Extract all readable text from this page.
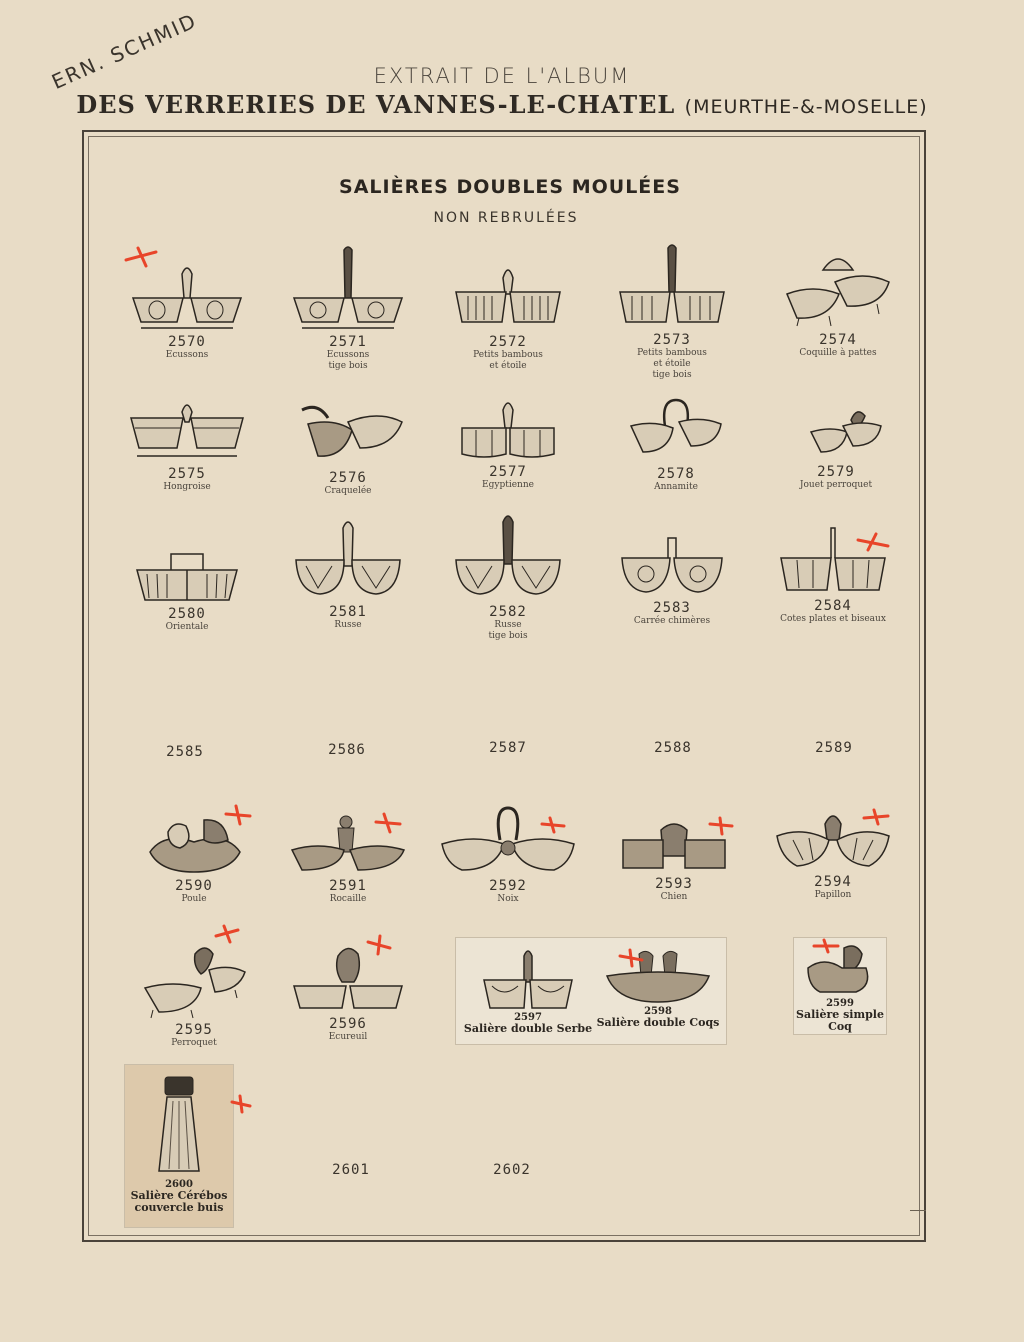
ERN. SCHMID	EXTRAIT DE L'ALBUM
DES VERRERIES DE VANNES-LE-CHATEL (MEURTHE-&-MOSELLE)
SALIÈRES DOUBLES MOULÉES
NON REBRULÉES
2570
Ecussons
2571
Ecussons
tige bois
2572
Petits bambous
et étoile
2573
Petits bambous
et étoile
tige bois
2574
Coquille à pattes
2575
Hongroise
2576
Craquelée
2577
Egyptienne
2578
Annamite
2579
Jouet perroquet
2580
Orientale
2581
Russe
2582
Russe
tige bois
2583
Carrée chimères
2584
Cotes plates et biseaux
2585	2586	2587	2588	2589
2590
Poule
2591
Rocaille
2592
Noix
2593
Chien
2594
Papillon
2595
Perroquet
2596
Ecureuil
2597
Salière double Serbe
2598
Salière double Coqs
2599
Salière simple
Coq
2600
Salière Cérébos
couvercle buis
2601	2602
